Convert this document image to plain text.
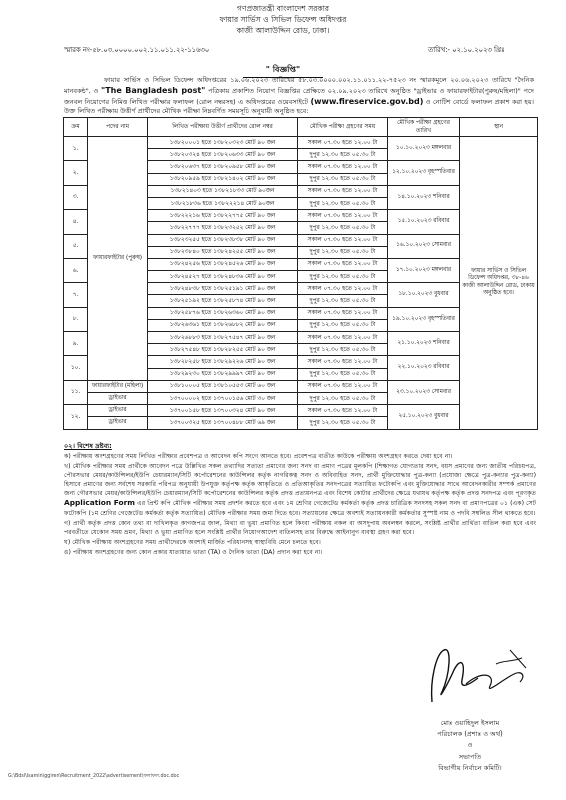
গণপ্রজাতন্ত্রী বাংলাদেশ সরকার
ফায়ার সার্ভিস ও সিভিল ডিফেন্স অধিদপ্তর
কাজী আলাউদ্দিন রোড, ঢাকা।
স্মারক নং-৫৮.০৩.০০০০.০০২.১১.০১১.২২-১১৬৩০	তারিখ:- ০২.১০.২০২৩ খ্রিঃ
" বিজ্ঞপ্তি"
ফায়ার সার্ভিস ও সিভিল ডিফেন্স অধিদপ্তরের ১৯.০৬.২০২৩ তারিখের ৫৮.০৩.০০০০.০০২.১১.০১১.২২-৭৫২৩ নং স্মারকমূলে ২০.০৬.২০২৩ তারিখে "দৈনিক মানবকন্ঠ", ও "The Bangladesh post" পত্রিকায় প্রকাশিত নিয়োগ বিজ্ঞপ্তির প্রেক্ষিতে ০২.০৯.২০২৩ তারিখে অনুষ্ঠিত "ড্রাইভার ও ফায়ারফাইটার(পুরুষ/মহিলা)" পদে জনবল নিয়োগের নিমিত্ত লিখিত পরীক্ষার ফলাফল (রোল নম্বরসহ) এ অধিদপ্তরের ওয়েবসাইটে (www.fireservice.gov.bd) ও নোটিশ বোর্ডে ফলাফল প্রকাশ করা হয়। উক্ত লিখিত পরীক্ষায় উত্তীর্ণ প্রার্থীদের মৌখিক পরীক্ষা নিম্নবর্ণিত সময়সূচি অনুযায়ী অনুষ্ঠিত হবে:
ক্রম	পদের নাম	লিখিত পরীক্ষায় উত্তীর্ণ প্রার্থীদের রোল নম্বর	মৌখিক পরীক্ষা গ্রহণের সময়	মৌখিক পরীক্ষা গ্রহণের তারিখ	স্থান
১.	ফায়ারফাইটার (পুরুষ)	১৩৮২০০০১ হতে ১৩৮২০৩২৩ মোট ৯০ জন	সকাল ০৭.৩০ হতে ১২.০০ টা	১০.১০.২০২৩ মঙ্গলবার	ফায়ার সার্ভিস ও সিভিল ডিফেন্স অধিদপ্তর, ৩৮-৪৬ কাজী আলাউদ্দিন রোড, ঢাকায় অনুষ্ঠিত হবে।
		১৩৮২০৩২৪ হতে ১৩৮২০৬৩৩ মোট ৯০ জন	দুপুর ১২.৩০ হতে ০৫.৩০ টা		
২.		১৩৮২০৬৩৭ হতে ১৩৮২০৯৫৮ মোট ৯০ জন	সকাল ০৭.৩০ হতে ১২.০০ টা	১২.১০.২০২৩ বৃহস্পতিবার	
		১৩৮২০৯৫৯ হতে ১৩৮২১৪০২ মোট ৯০ জন	দুপুর ১২.৩০ হতে ০৫.৩০ টা		
৩.		১৩৮২১৪০৩ হতে ১৩৮২১৮৩৩ মোট ৯০জন	সকাল ০৭.৩০ হতে ১২.০০ টা	১৪.১০.২০২৩ শনিবার	
		১৩৮২১৮৩৬ হতে ১৩৮২২২১৪ মোট ৯০জন	দুপুর ১২.৩০ হতে ০৫.৩০ টা		
৪.		১৩৮২২২১৬ হতে ১৩৮২২৭৭৫ মোট ৯০ জন	সকাল ০৭.৩০ হতে ১২.০০ টা	১৫.১০.২০২৩ রবিবার	
		১৩৮২২৭৭৭ হতে ১৩৮২৩২৫২ মোট ৯০ জন	দুপুর ১২.৩০ হতে ০৫.৩০ টা		
৫.		১৩৮২৩২৫৫ হতে ১৩৮২৩৮৩৮ মোট ৯০ জন	সকাল ০৭.৩০ হতে ১২.০০ টা	১৬.১০.২০২৩ সোমবার	
		১৩৮২৩৮৪০ হতে ১৩৮২৪২৫৫ মোট ৯০ জন	দুপুর ১২.৩০ হতে ০৫.৩০ টা		
৬.		১৩৮২৪২৫৬ হতে ১৩৮২৪৫২৬ মোট ৯০ জন	সকাল ০৭.৩০ হতে ১২.০০ টা	১৭.১০.২০২৩ মঙ্গলবার	
		১৩৮২৪৫২৭ হতে ১৩৮২৪৮৩৬ মোট ৯০ জন	দুপুর ১২.৩০ হতে ০৫.৩০ টা		
৭.		১৩৮২৪৮৩৮ হতে ১৩৮২৫১৯১ মোট ৯০ জন	সকাল ০৭.৩০ হতে ১২.০০ টা	১৮.১০.২০২৩ বুধবার	
		১৩৮২৫১৯২ হতে ১৩৮২৫৮৭৪ মোট ৯০ জন	দুপুর ১২.৩০ হতে ০৫.৩০ টা		
৮.		১৩৮২৫৮৭৬ হতে ১৩৮২৬৩৬০ মোট ৯০ জন	সকাল ০৭.৩০ হতে ১২.০০ টা	১৯.১০.২০২৩ বৃহস্পতিবার	
		১৩৮২৬৩৬১ হতে ১৩৮২৬৮৮২ মোট ৯০ জন	দুপুর ১২.৩০ হতে ০৫.৩০ টা		
৯.		১৩৮২৬৮৮৩ হতে ১৩৮২৭৫৪৭ মোট ৯০ জন	সকাল ০৭.৩০ হতে ১২.০০ টা	২১.১০.২০২৩ শনিবার	
		১৩৮২৭৫৪৮ হতে ১৩৮২৮২৫৫ মোট ৯০ জন	দুপুর ১২.৩০ হতে ০৫.৩০ টা		
১০.		১৩৮২৮২৫৮ হতে ১৩৮২৯২২৬ মোট ৯০ জন	সকাল ০৭.৩০ হতে ১২.০০ টা	২২.১০.২০২৩ রবিবার	
		১৩৮২৯২৩০ হতে ১৩৮২৯৯৯৭ মোট ৯০ জন	দুপুর ১২.৩০ হতে ০৫.৩০ টা		
১১.	ফায়ারফাইটার (মহিলা)	১৩৮১০০০৫ হতে ১৩৮১০৫৫৩ মোট ৬০ জন	সকাল ০৭.৩০ হতে ১২.০০ টা	২৩.১০.২০২৩ সোমবার	
	ড্রাইভার	১৩৭০০০০২ হতে ১৩৭০০১৫৬ মোট ৩০ জন	দুপুর ১২.৩০ হতে ০৫.৩০ টা		
১২.	ড্রাইভার	১৩৭০০১৫৮ হতে ১৩৭০০৩২৪ মোট ৯০ জন	সকাল ০৭.৩০ হতে ১২.০০ টা	২৫.১০.২০২৩ বুধবার	
	ড্রাইভার	১৩৭০০৩২৫ হতে ১৩৭০০৪৮৮ মোট ৬৯ জন	দুপুর ১২.৩০ হতে ০৫.৩০ টা		
০২। বিশেষ দ্রষ্টব্য:

ক) পরীক্ষায় অংশগ্রহণের সময় লিখিত পরীক্ষার প্রবেশপত্র ও আবেদন কপি সংগে আনতে হবে। প্রবেশপত্র ব্যতীত কাউকে পরীক্ষায় অংশগ্রহণ করতে দেয়া হবে না।

খ) মৌখিক পরীক্ষার সময় প্রার্থীকে আবেদন পত্রে উল্লিখিত সকল তথ্যাদির সত্যতা প্রমাণের জন্য সনদ বা প্রমাণ পত্রের মূলকপি (শিক্ষাগত যোগ্যতার সনদ, বয়স প্রমাণের জন্য জাতীয় পরিচয়পত্র, পৌরসভার মেয়র/কাউন্সিলর/ইউপি চেয়ারম্যান/সিটি কর্পোরেশনের কাউন্সিলর কর্তৃক নাগরিকত্ব সনদ ও অবিবাহিত সনদ, প্রার্থী মুক্তিযোদ্ধার পুত্র-কন্যা (প্রযোজ্য ক্ষেত্রে পুত্র-কন্যার পুত্র-কন্যা) হিসাবে প্রমাণের জন্য সর্বশেষ সরকারি পরিপত্র অনুযায়ী উপযুক্ত কর্তৃপক্ষ কর্তৃক আকৃতিতে ও প্রতিআকৃতির সনদপত্রের সত্যায়িত ফটোকপি এবং মুক্তিযোদ্ধার সাথে আবেদনকারীর সম্পর্ক প্রমাণের জন্য গৌরসভার মেয়র/কাউন্সিলর/ইউপি চেয়ারম্যান/সিটি কর্পোরেশনের কাউন্সিলর কর্তৃক প্রদত্ত প্রত্যয়নপত্র এবং বিশেষ কোটার প্রার্থীদের ক্ষেত্রে যথাযথ কর্তৃপক্ষ কর্তৃক প্রদত্ত সনদপত্র এবং পূরণকৃত Application Form এর প্রিন্ট কপি মৌখিক পরীক্ষার সময় প্রদর্শন করতে হবে এবং ১ম শ্রেণির গেজেটেড কর্মকর্তা কর্তৃক প্রদত্ত চারিত্রিক সনদসহ সকল সনদ বা প্রমাণপত্রের ০১ (এক) সেট ফটোকপি (১ম শ্রেণির গেজেটেড কর্মকর্তা কর্তৃক সত্যায়িত) মৌখিক পরীক্ষার সময় জমা দিতে হবে। সত্যায়নের ক্ষেত্রে অবশ্যই সত্যায়নকারী কর্মকর্তার সুস্পষ্ট নাম ও পদবি সম্বলিত সীল থাকতে হবে।

গ) প্রার্থী কর্তৃক প্রদত্ত কোন তথ্য বা দাখিলকৃত কাগজপত্র জাল, মিথ্যা বা ভুয়া প্রমাণিত হলে কিংবা পরীক্ষায় নকল বা অসদুপায় অবলম্বন করলে, সংশ্লিষ্ট প্রার্থীর প্রার্থিতা বাতিল করা হবে এবং পরবর্তীতে যেকোন সময় ভ্রমণ, মিথ্যা ও ভুয়া প্রমাণিত হলে সংশ্লিষ্ট প্রার্থীর নিয়োগআদেশ বাতিলসহ তার বিরুদ্ধে আইনানুগ ব্যবস্থা গ্রহণ করা হবে।

ঘ) মৌখিক পরীক্ষায় অংশগ্রহণের সময় প্রার্থীদেরকে অবশ্যই মার্জিত পরিধানসহ স্বাস্থ্যবিধি মেনে চলতে হবে।

ঙ) পরীক্ষায় অংশগ্রহণের জন্য কোন প্রকার যাতায়াত ভাতা (TA) ও দৈনিক ভাতা (DA) প্রদান করা হবে না।

মোঃ ওয়াহিদুল ইসলাম
পরিচালক (প্রশাঃ ও অর্থ)
ও
সভাপতি
বিভাগীয় নির্বাচন কমিটি।
G:\Bdsl\Isamin\ggiren\Recruitment_2022\advertisement\ফলাফল.doc.doc
